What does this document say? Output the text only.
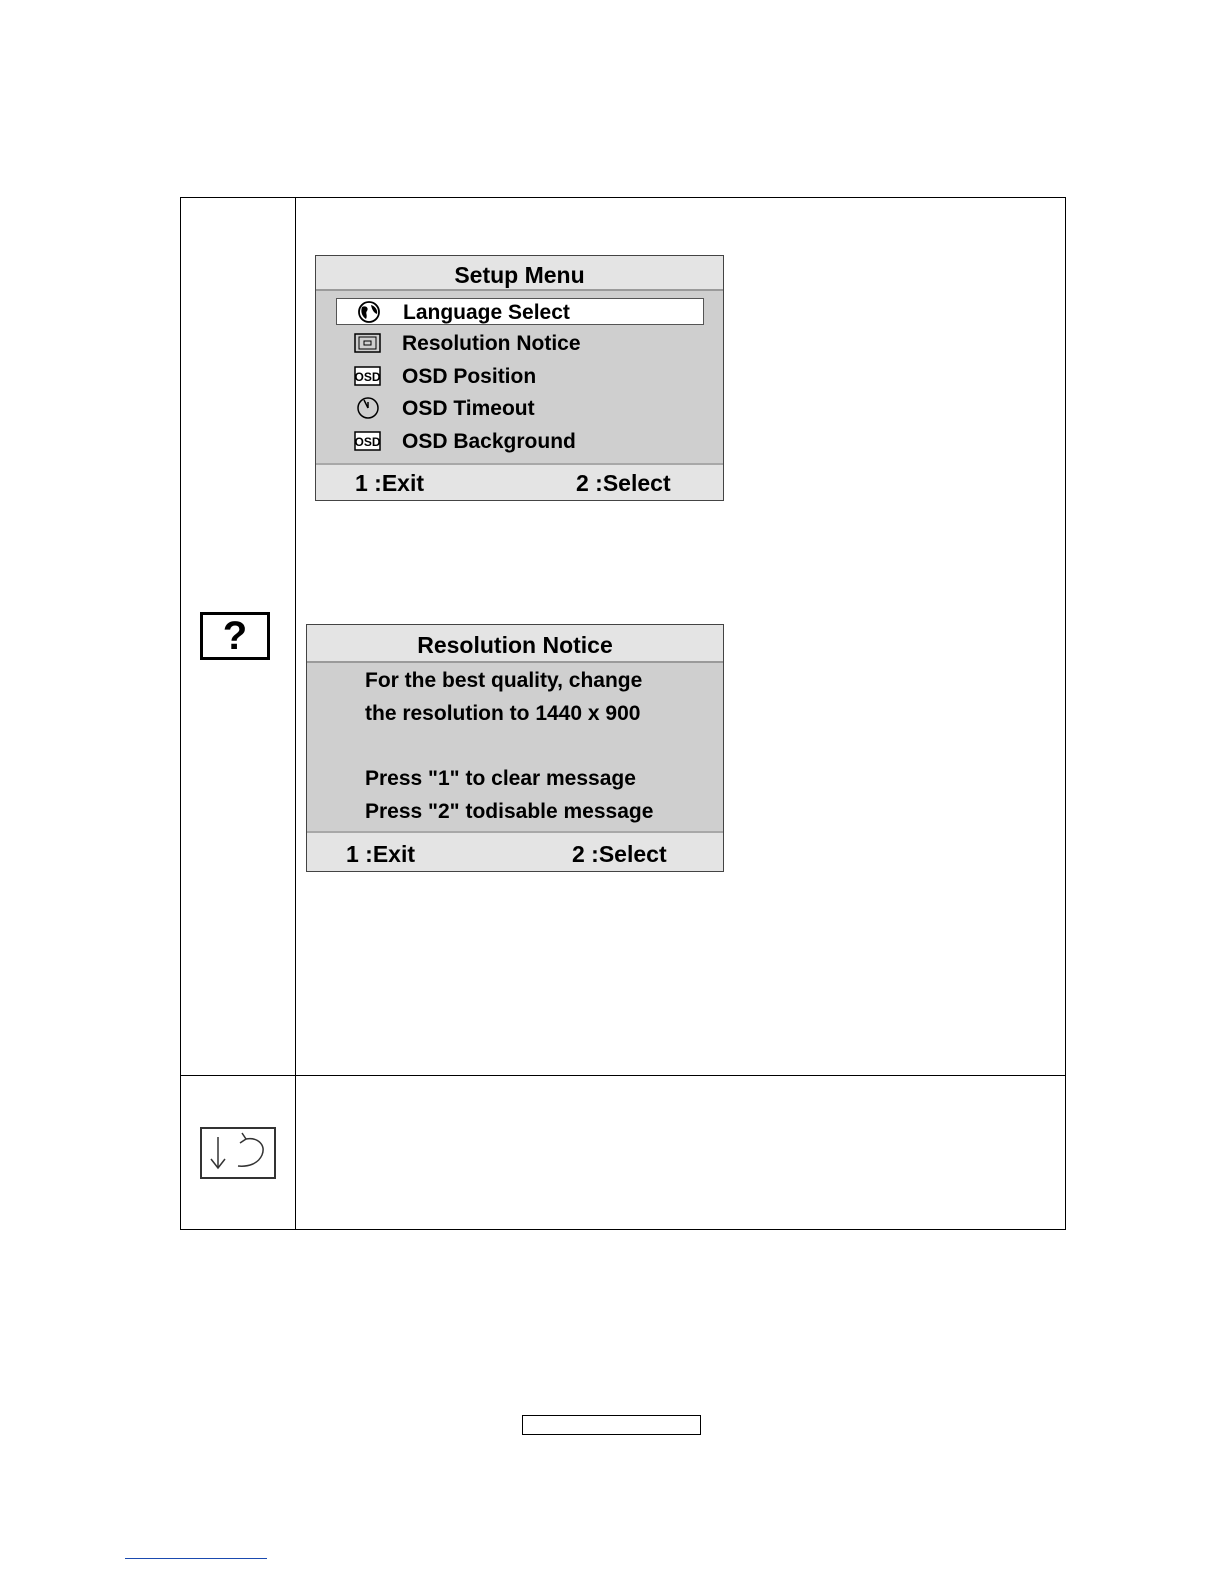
?
Setup Menu
Language Select
Resolution Notice
OSD OSD Position
OSD Timeout
OSD OSD Background
1 :Exit	2 :Select
Resolution Notice
For the best quality, change
the resolution to 1440 x 900
Press "1" to clear message
Press "2" todisable message
1 :Exit	2 :Select
